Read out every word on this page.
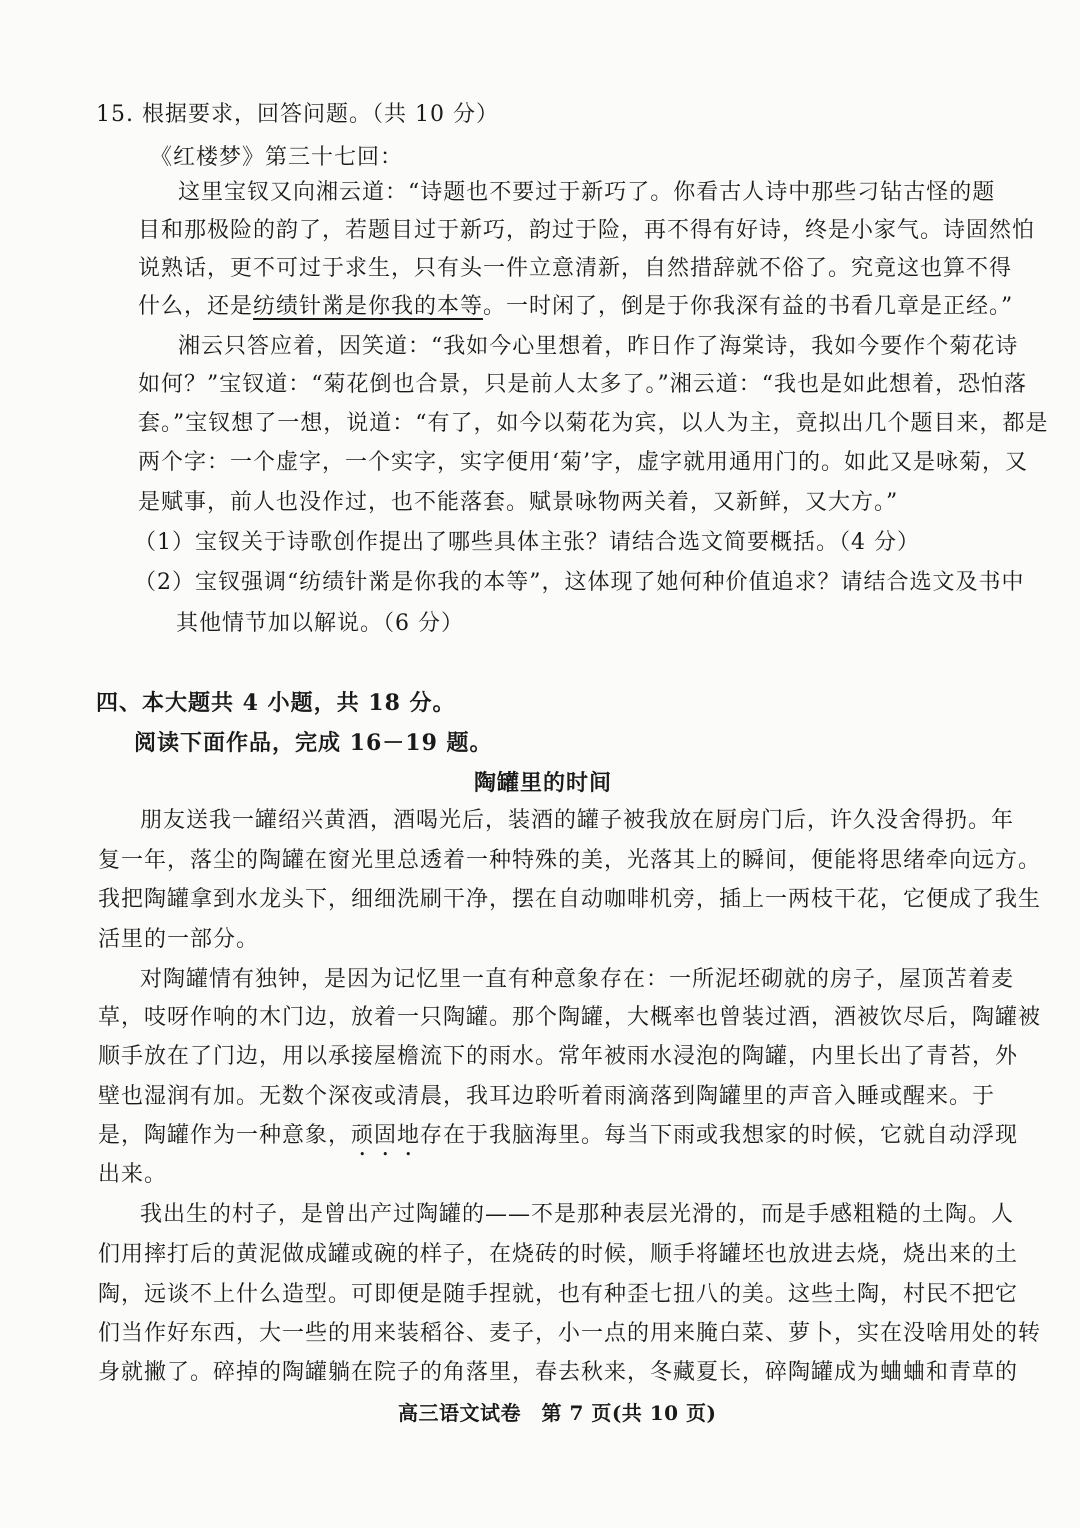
15. 根据要求，回答问题。（共 10 分）
《红楼梦》第三十七回：
这里宝钗又向湘云道：“诗题也不要过于新巧了。你看古人诗中那些刁钻古怪的题
目和那极险的韵了，若题目过于新巧，韵过于险，再不得有好诗，终是小家气。诗固然怕
说熟话，更不可过于求生，只有头一件立意清新，自然措辞就不俗了。究竟这也算不得
什么，还是纺绩针黹是你我的本等。一时闲了，倒是于你我深有益的书看几章是正经。”
湘云只答应着，因笑道：“我如今心里想着，昨日作了海棠诗，我如今要作个菊花诗
如何？”宝钗道：“菊花倒也合景，只是前人太多了。”湘云道：“我也是如此想着，恐怕落
套。”宝钗想了一想，说道：“有了，如今以菊花为宾，以人为主，竟拟出几个题目来，都是
两个字：一个虚字，一个实字，实字便用‘菊’字，虚字就用通用门的。如此又是咏菊，又
是赋事，前人也没作过，也不能落套。赋景咏物两关着，又新鲜，又大方。”
（1）宝钗关于诗歌创作提出了哪些具体主张？请结合选文简要概括。（4 分）
（2）宝钗强调“纺绩针黹是你我的本等”，这体现了她何种价值追求？请结合选文及书中
其他情节加以解说。（6 分）
四、本大题共 4 小题，共 18 分。
阅读下面作品，完成 16－19 题。
陶罐里的时间
朋友送我一罐绍兴黄酒，酒喝光后，装酒的罐子被我放在厨房门后，许久没舍得扔。年
复一年，落尘的陶罐在窗光里总透着一种特殊的美，光落其上的瞬间，便能将思绪牵向远方。
我把陶罐拿到水龙头下，细细洗刷干净，摆在自动咖啡机旁，插上一两枝干花，它便成了我生
活里的一部分。
对陶罐情有独钟，是因为记忆里一直有种意象存在：一所泥坯砌就的房子，屋顶苫着麦
草，吱呀作响的木门边，放着一只陶罐。那个陶罐，大概率也曾装过酒，酒被饮尽后，陶罐被
顺手放在了门边，用以承接屋檐流下的雨水。常年被雨水浸泡的陶罐，内里长出了青苔，外
壁也湿润有加。无数个深夜或清晨，我耳边聆听着雨滴落到陶罐里的声音入睡或醒来。于
是，陶罐作为一种意象，顽固地存在于我脑海里。每当下雨或我想家的时候，它就自动浮现
出来。
我出生的村子，是曾出产过陶罐的——不是那种表层光滑的，而是手感粗糙的土陶。人
们用摔打后的黄泥做成罐或碗的样子，在烧砖的时候，顺手将罐坯也放进去烧，烧出来的土
陶，远谈不上什么造型。可即便是随手捏就，也有种歪七扭八的美。这些土陶，村民不把它
们当作好东西，大一些的用来装稻谷、麦子，小一点的用来腌白菜、萝卜，实在没啥用处的转
身就撇了。碎掉的陶罐躺在院子的角落里，春去秋来，冬藏夏长，碎陶罐成为蛐蛐和青草的
高三语文试卷　第 7 页(共 10 页)
